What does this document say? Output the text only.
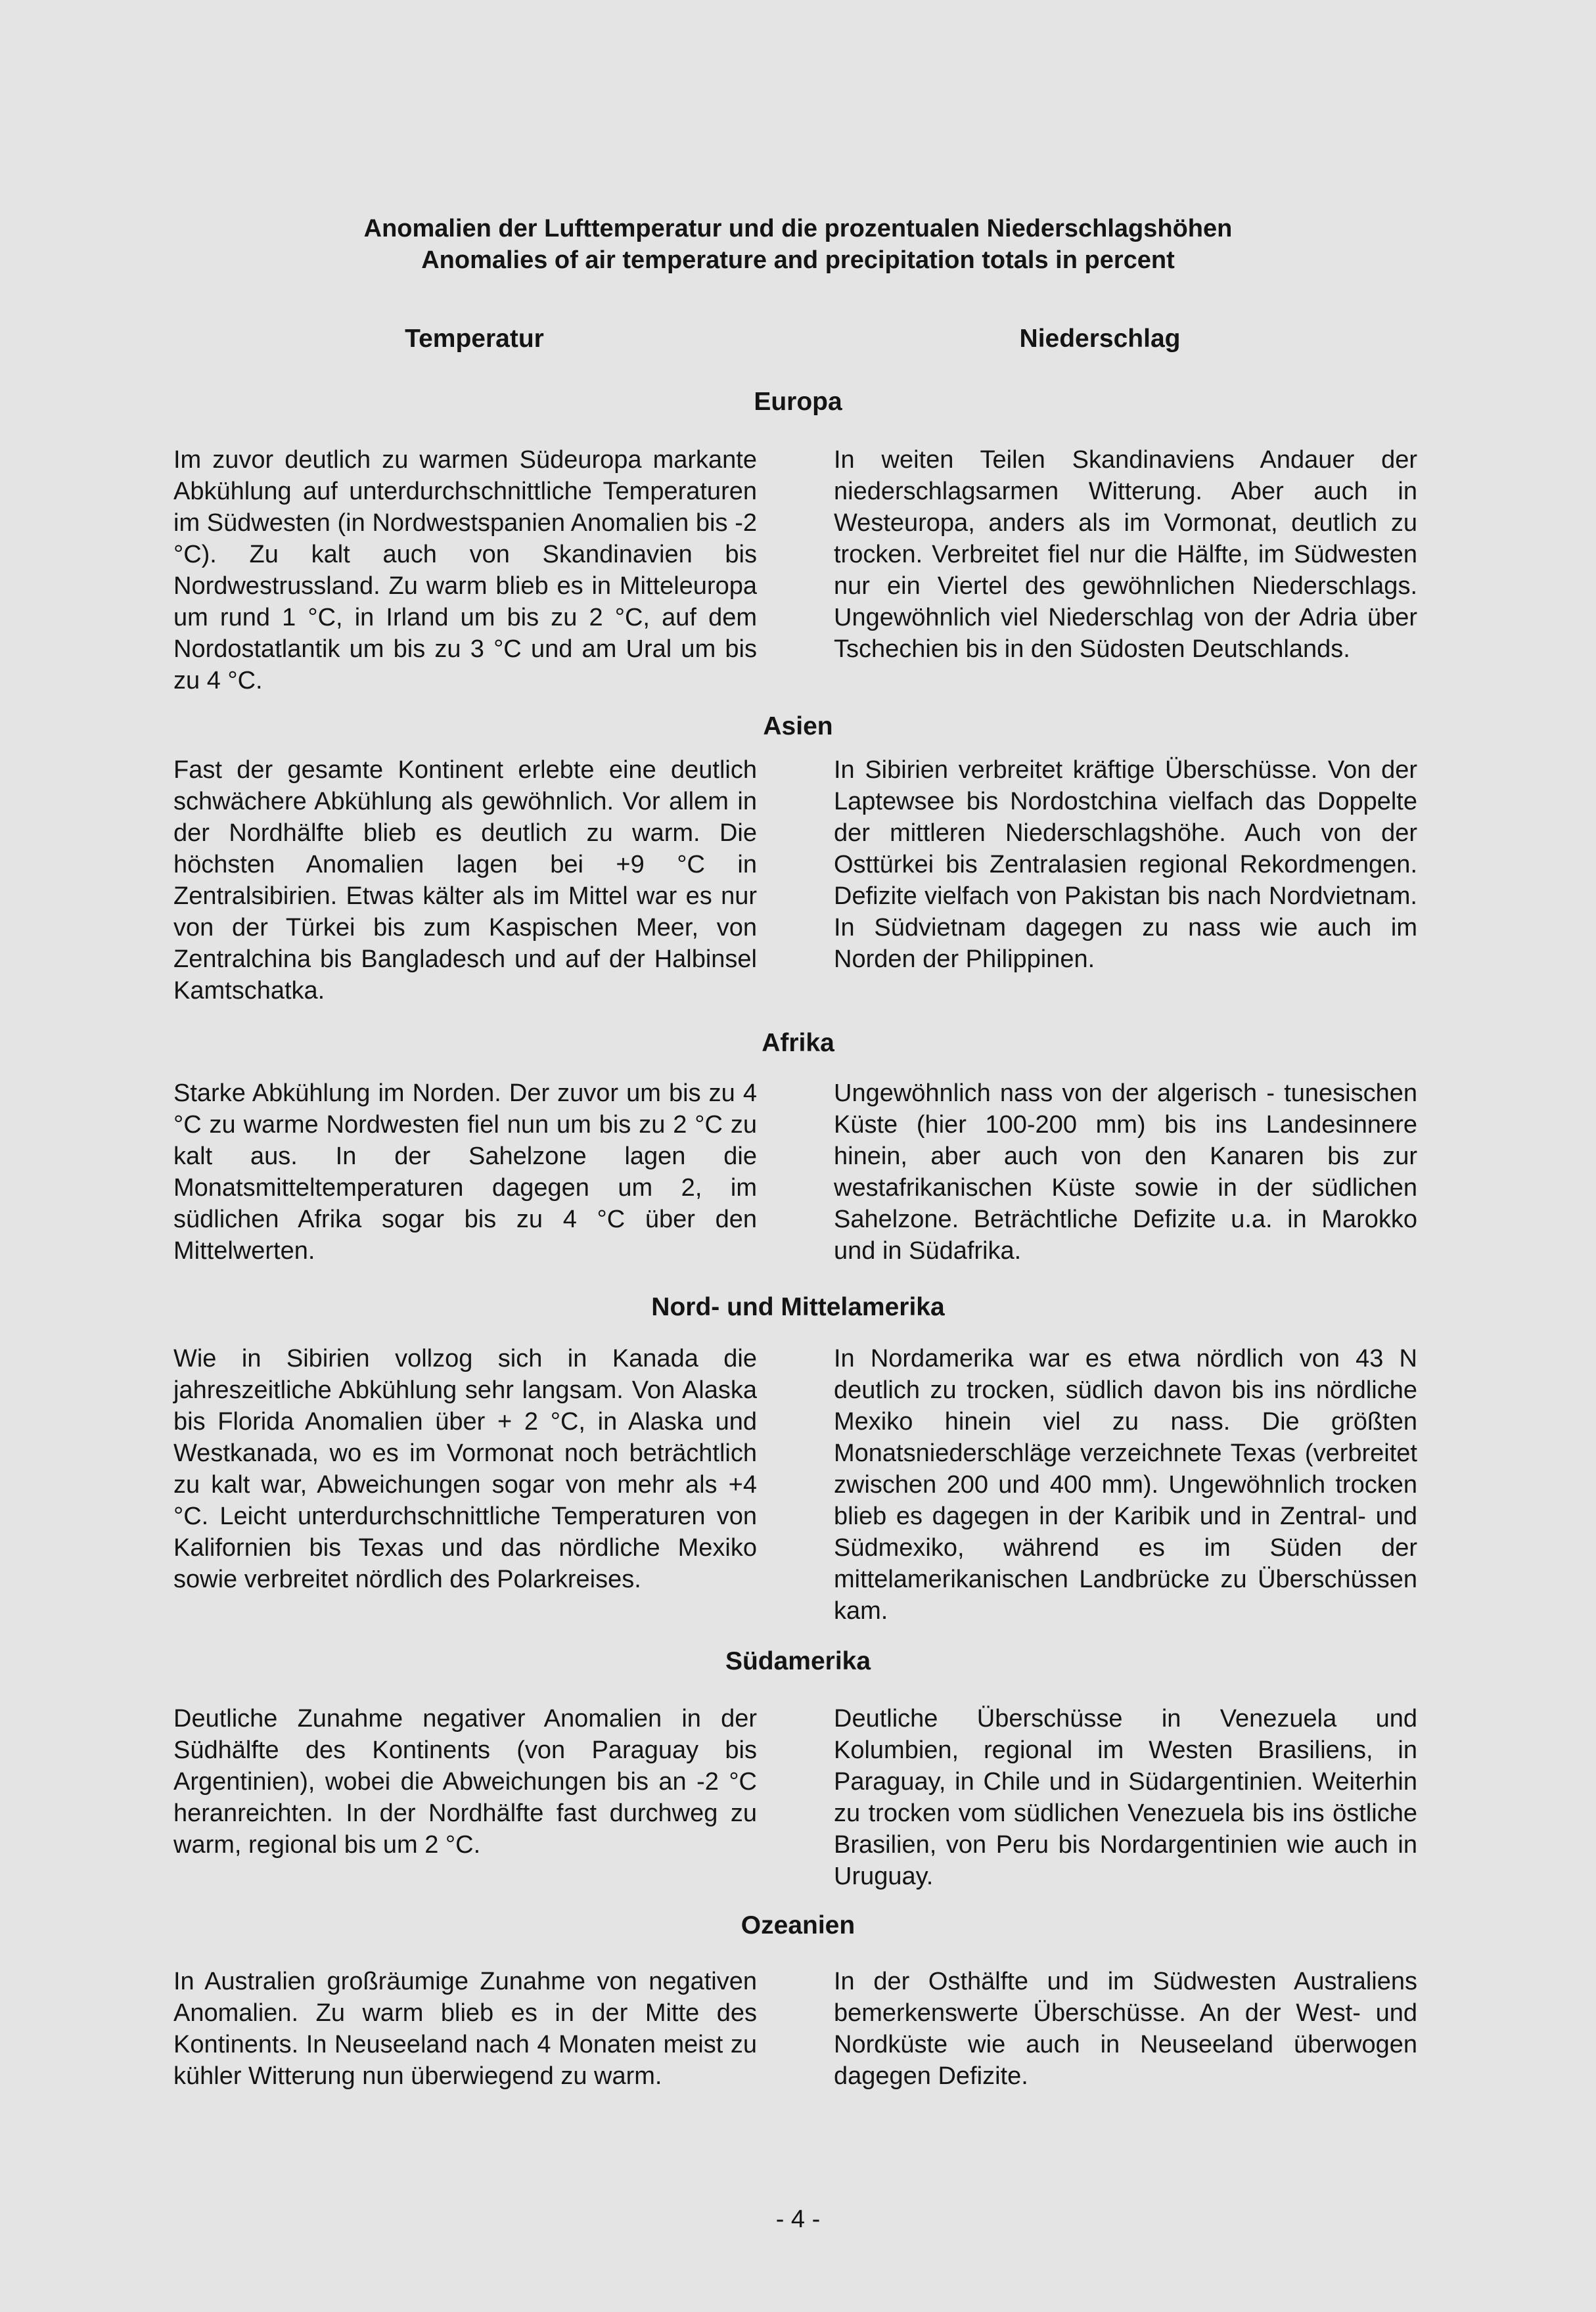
Anomalien der Lufttemperatur und die prozentualen Niederschlagshöhen
Anomalies of air temperature and precipitation totals in percent
Temperatur	Niederschlag
Europa
Im zuvor deutlich zu warmen Südeuropa markante Abkühlung auf unterdurchschnittliche Temperaturen im Südwesten (in Nordwestspanien Anomalien bis -2 °C). Zu kalt auch von Skandinavien bis Nordwestrussland. Zu warm blieb es in Mitteleuropa um rund 1 °C, in Irland um bis zu 2 °C, auf dem Nordostatlantik um bis zu 3 °C und am Ural um bis zu 4 °C.
In weiten Teilen Skandinaviens Andauer der niederschlagsarmen Witterung. Aber auch in Westeuropa, anders als im Vormonat, deutlich zu trocken. Verbreitet fiel nur die Hälfte, im Südwesten nur ein Viertel des gewöhnlichen Niederschlags. Ungewöhnlich viel Niederschlag von der Adria über Tschechien bis in den Südosten Deutschlands.
Asien
Fast der gesamte Kontinent erlebte eine deutlich schwächere Abkühlung als gewöhnlich. Vor allem in der Nordhälfte blieb es deutlich zu warm. Die höchsten Anomalien lagen bei +9 °C in Zentralsibirien. Etwas kälter als im Mittel war es nur von der Türkei bis zum Kaspischen Meer, von Zentralchina bis Bangladesch und auf der Halbinsel Kamtschatka.
In Sibirien verbreitet kräftige Überschüsse. Von der Laptewsee bis Nordostchina vielfach das Doppelte der mittleren Niederschlagshöhe. Auch von der Osttürkei bis Zentralasien regional Rekordmengen. Defizite vielfach von Pakistan bis nach Nordvietnam. In Südvietnam dagegen zu nass wie auch im Norden der Philippinen.
Afrika
Starke Abkühlung im Norden. Der zuvor um bis zu 4 °C zu warme Nordwesten fiel nun um bis zu 2 °C zu kalt aus. In der Sahelzone lagen die Monatsmitteltemperaturen dagegen um 2, im südlichen Afrika sogar bis zu 4 °C über den Mittelwerten.
Ungewöhnlich nass von der algerisch - tunesischen Küste (hier 100-200 mm) bis ins Landesinnere hinein, aber auch von den Kanaren bis zur westafrikanischen Küste sowie in der südlichen Sahelzone. Beträchtliche Defizite u.a. in Marokko und in Südafrika.
Nord- und Mittelamerika
Wie in Sibirien vollzog sich in Kanada die jahreszeitliche Abkühlung sehr langsam. Von Alaska bis Florida Anomalien über + 2 °C, in Alaska und Westkanada, wo es im Vormonat noch beträchtlich zu kalt war, Abweichungen sogar von mehr als +4 °C. Leicht unterdurchschnittliche Temperaturen von Kalifornien bis Texas und das nördliche Mexiko sowie verbreitet nördlich des Polarkreises.
In Nordamerika war es etwa nördlich von 43 N deutlich zu trocken, südlich davon bis ins nördliche Mexiko hinein viel zu nass. Die größten Monatsniederschläge verzeichnete Texas (verbreitet zwischen 200 und 400 mm). Ungewöhnlich trocken blieb es dagegen in der Karibik und in Zentral- und Südmexiko, während es im Süden der mittelamerikanischen Landbrücke zu Überschüssen kam.
Südamerika
Deutliche Zunahme negativer Anomalien in der Südhälfte des Kontinents (von Paraguay bis Argentinien), wobei die Abweichungen bis an -2 °C heranreichten. In der Nordhälfte fast durchweg zu warm, regional bis um 2 °C.
Deutliche Überschüsse in Venezuela und Kolumbien, regional im Westen Brasiliens, in Paraguay, in Chile und in Südargentinien. Weiterhin zu trocken vom südlichen Venezuela bis ins östliche Brasilien, von Peru bis Nordargentinien wie auch in Uruguay.
Ozeanien
In Australien großräumige Zunahme von negativen Anomalien. Zu warm blieb es in der Mitte des Kontinents. In Neuseeland nach 4 Monaten meist zu kühler Witterung nun überwiegend zu warm.
In der Osthälfte und im Südwesten Australiens bemerkenswerte Überschüsse. An der West- und Nordküste wie auch in Neuseeland überwogen dagegen Defizite.
- 4 -
